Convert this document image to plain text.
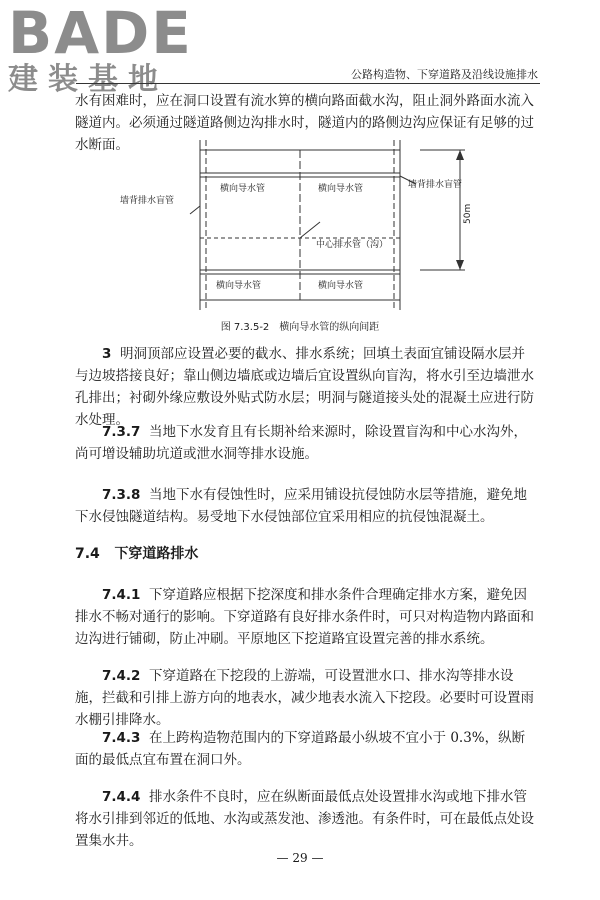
BADE
建装基地	公路构造物、下穿道路及沿线设施排水
水有困难时，应在洞口设置有流水箅的横向路面截水沟，阻止洞外路面水流入隧道内。必须通过隧道路侧边沟排水时，隧道内的路侧边沟应保证有足够的过水断面。
横向导水管	横向导水管
横向导水管	横向导水管
墙背排水盲管
墙背排水盲管
中心排水管（沟）
50m
图 7.3.5-2　横向导水管的纵向间距
3 明洞顶部应设置必要的截水、排水系统；回填土表面宜铺设隔水层并与边坡搭接良好；靠山侧边墙底或边墙后宜设置纵向盲沟，将水引至边墙泄水孔排出；衬砌外缘应敷设外贴式防水层；明洞与隧道接头处的混凝土应进行防水处理。
7.3.7 当地下水发育且有长期补给来源时，除设置盲沟和中心水沟外，尚可增设辅助坑道或泄水洞等排水设施。
7.3.8 当地下水有侵蚀性时，应采用铺设抗侵蚀防水层等措施，避免地下水侵蚀隧道结构。易受地下水侵蚀部位宜采用相应的抗侵蚀混凝土。
7.4 下穿道路排水
7.4.1 下穿道路应根据下挖深度和排水条件合理确定排水方案，避免因排水不畅对通行的影响。下穿道路有良好排水条件时，可只对构造物内路面和边沟进行铺砌，防止冲刷。平原地区下挖道路宜设置完善的排水系统。
7.4.2 下穿道路在下挖段的上游端，可设置泄水口、排水沟等排水设施，拦截和引排上游方向的地表水，减少地表水流入下挖段。必要时可设置雨水棚引排降水。
7.4.3 在上跨构造物范围内的下穿道路最小纵坡不宜小于 0.3%，纵断面的最低点宜布置在洞口外。
7.4.4 排水条件不良时，应在纵断面最低点处设置排水沟或地下排水管将水引排到邻近的低地、水沟或蒸发池、渗透池。有条件时，可在最低点处设置集水井。
— 29 —
